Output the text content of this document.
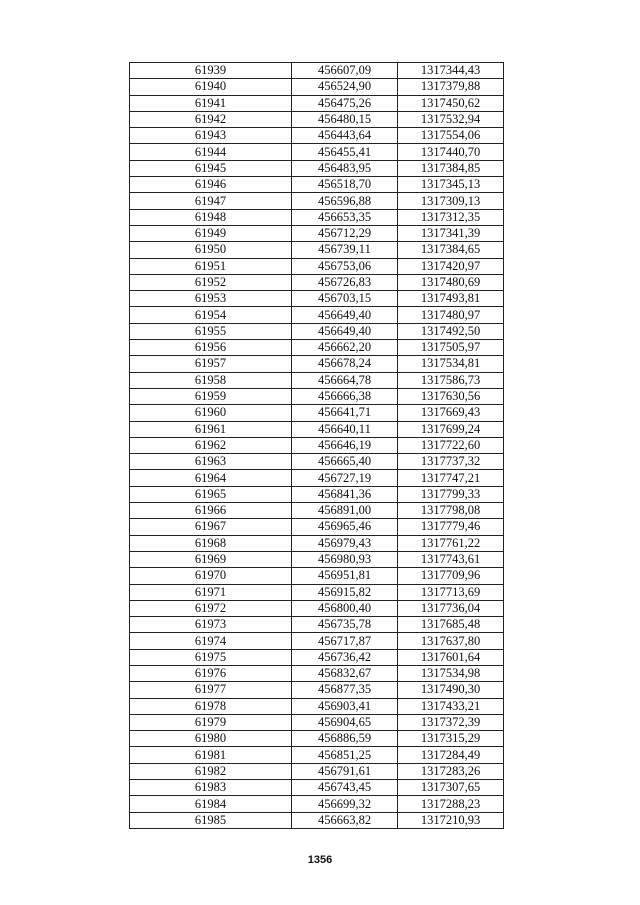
61939	456607,09	1317344,43
61940	456524,90	1317379,88
61941	456475,26	1317450,62
61942	456480,15	1317532,94
61943	456443,64	1317554,06
61944	456455,41	1317440,70
61945	456483,95	1317384,85
61946	456518,70	1317345,13
61947	456596,88	1317309,13
61948	456653,35	1317312,35
61949	456712,29	1317341,39
61950	456739,11	1317384,65
61951	456753,06	1317420,97
61952	456726,83	1317480,69
61953	456703,15	1317493,81
61954	456649,40	1317480,97
61955	456649,40	1317492,50
61956	456662,20	1317505,97
61957	456678,24	1317534,81
61958	456664,78	1317586,73
61959	456666,38	1317630,56
61960	456641,71	1317669,43
61961	456640,11	1317699,24
61962	456646,19	1317722,60
61963	456665,40	1317737,32
61964	456727,19	1317747,21
61965	456841,36	1317799,33
61966	456891,00	1317798,08
61967	456965,46	1317779,46
61968	456979,43	1317761,22
61969	456980,93	1317743,61
61970	456951,81	1317709,96
61971	456915,82	1317713,69
61972	456800,40	1317736,04
61973	456735,78	1317685,48
61974	456717,87	1317637,80
61975	456736,42	1317601,64
61976	456832,67	1317534,98
61977	456877,35	1317490,30
61978	456903,41	1317433,21
61979	456904,65	1317372,39
61980	456886,59	1317315,29
61981	456851,25	1317284,49
61982	456791,61	1317283,26
61983	456743,45	1317307,65
61984	456699,32	1317288,23
61985	456663,82	1317210,93
1356
